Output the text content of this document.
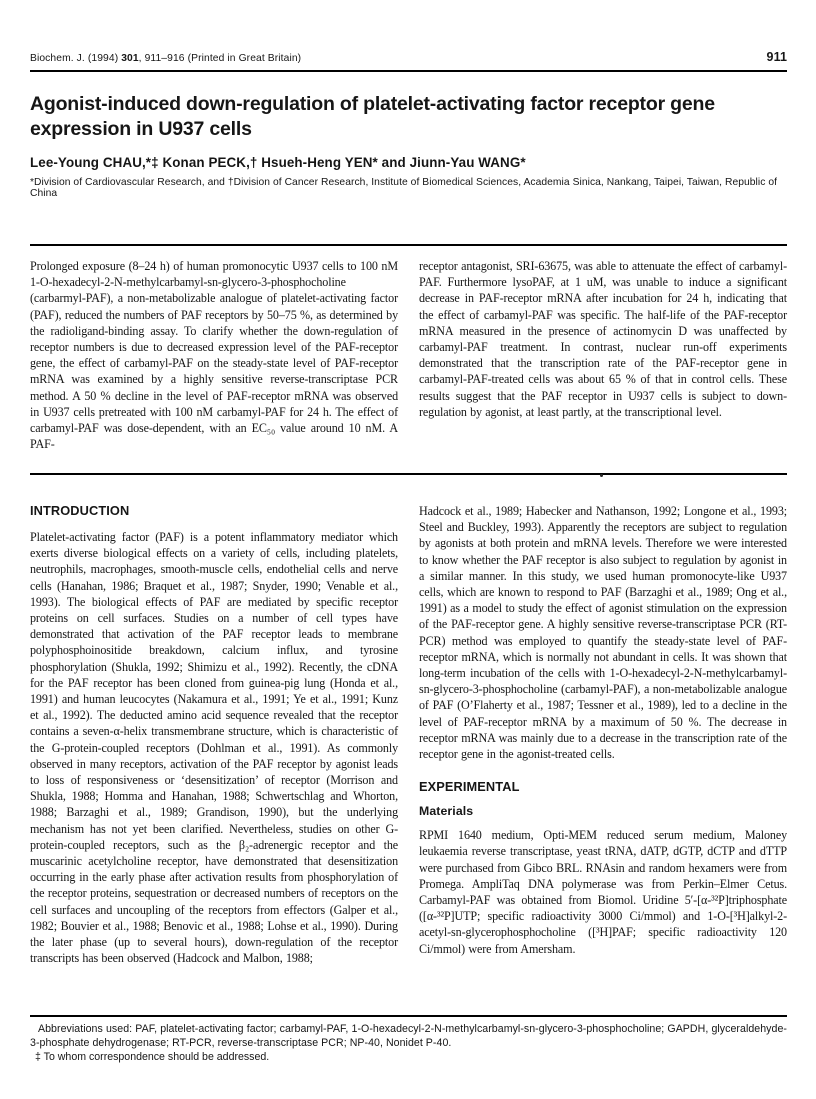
Biochem. J. (1994) 301, 911–916 (Printed in Great Britain)	911
Agonist-induced down-regulation of platelet-activating factor receptor gene expression in U937 cells
Lee-Young CHAU,*‡ Konan PECK,† Hsueh-Heng YEN* and Jiunn-Yau WANG*
*Division of Cardiovascular Research, and †Division of Cancer Research, Institute of Biomedical Sciences, Academia Sinica, Nankang, Taipei, Taiwan, Republic of China

Prolonged exposure (8–24 h) of human promonocytic U937 cells to 100 nM 1-O-hexadecyl-2-N-methylcarbamyl-sn-glycero-3-phosphocholine (carbarmyl-PAF), a non-metabolizable analogue of platelet-activating factor (PAF), reduced the numbers of PAF receptors by 50–75 %, as determined by the radioligand-binding assay. To clarify whether the down-regulation of receptor numbers is due to decreased expression level of the PAF-receptor gene, the effect of carbamyl-PAF on the steady-state level of PAF-receptor mRNA was examined by a highly sensitive reverse-transcriptase PCR method. A 50 % decline in the level of PAF-receptor mRNA was observed in U937 cells pretreated with 100 nM carbamyl-PAF for 24 h. The effect of carbamyl-PAF was dose-dependent, with an EC₅₀ value around 10 nM. A PAF-

receptor antagonist, SRI-63675, was able to attenuate the effect of carbamyl-PAF. Furthermore lysoPAF, at 1 uM, was unable to induce a significant decrease in PAF-receptor mRNA after incubation for 24 h, indicating that the effect of carbamyl-PAF was specific. The half-life of the PAF-receptor mRNA measured in the presence of actinomycin D was unaffected by carbamyl-PAF treatment. In contrast, nuclear run-off experiments demonstrated that the transcription rate of the PAF-receptor gene in carbamyl-PAF-treated cells was about 65 % of that in control cells. These results suggest that the PAF receptor in U937 cells is subject to down-regulation by agonist, at least partly, at the transcriptional level.

INTRODUCTION

Platelet-activating factor (PAF) is a potent inflammatory mediator which exerts diverse biological effects on a variety of cells, including platelets, neutrophils, macrophages, smooth-muscle cells, endothelial cells and nerve cells (Hanahan, 1986; Braquet et al., 1987; Snyder, 1990; Venable et al., 1993). The biological effects of PAF are mediated by specific receptor proteins on cell surfaces. Studies on a number of cell types have demonstrated that activation of the PAF receptor leads to membrane polyphosphoinositide breakdown, calcium influx, and tyrosine phosphorylation (Shukla, 1992; Shimizu et al., 1992). Recently, the cDNA for the PAF receptor has been cloned from guinea-pig lung (Honda et al., 1991) and human leucocytes (Nakamura et al., 1991; Ye et al., 1991; Kunz et al., 1992). The deducted amino acid sequence revealed that the receptor contains a seven-α-helix transmembrane structure, which is characteristic of the G-protein-coupled receptors (Dohlman et al., 1991). As commonly observed in many receptors, activation of the PAF receptor by agonist leads to loss of responsiveness or ‘desensitization’ of receptor (Morrison and Shukla, 1988; Homma and Hanahan, 1988; Schwertschlag and Whorton, 1988; Barzaghi et al., 1989; Grandison, 1990), but the underlying mechanism has not yet been clarified. Nevertheless, studies on other G-protein-coupled receptors, such as the β₂-adrenergic receptor and the muscarinic acetylcholine receptor, have demonstrated that desensitization occurring in the early phase after activation results from phosphorylation of the receptor proteins, sequestration or decreased numbers of receptors on the cell surfaces and uncoupling of the receptors from effectors (Galper et al., 1982; Bouvier et al., 1988; Benovic et al., 1988; Lohse et al., 1990). During the later phase (up to several hours), down-regulation of the receptor transcripts has been observed (Hadcock and Malbon, 1988;

Hadcock et al., 1989; Habecker and Nathanson, 1992; Longone et al., 1993; Steel and Buckley, 1993). Apparently the receptors are subject to regulation by agonists at both protein and mRNA levels. Therefore we were interested to know whether the PAF receptor is also subject to regulation by agonist in a similar manner. In this study, we used human promonocyte-like U937 cells, which are known to respond to PAF (Barzaghi et al., 1989; Ong et al., 1991) as a model to study the effect of agonist stimulation on the expression of the PAF-receptor gene. A highly sensitive reverse-transcriptase PCR (RT-PCR) method was employed to quantify the steady-state level of PAF-receptor mRNA, which is normally not abundant in cells. It was shown that long-term incubation of the cells with 1-O-hexadecyl-2-N-methylcarbamyl-sn-glycero-3-phosphocholine (carbamyl-PAF), a non-metabolizable analogue of PAF (O’Flaherty et al., 1987; Tessner et al., 1989), led to a decline in the level of PAF-receptor mRNA by a maximum of 50 %. The decrease in receptor mRNA was mainly due to a decrease in the transcription rate of the receptor gene in the agonist-treated cells.

EXPERIMENTAL
Materials

RPMI 1640 medium, Opti-MEM reduced serum medium, Maloney leukaemia reverse transcriptase, yeast tRNA, dATP, dGTP, dCTP and dTTP were purchased from Gibco BRL. RNAsin and random hexamers were from Promega. AmpliTaq DNA polymerase was from Perkin–Elmer Cetus. Carbamyl-PAF was obtained from Biomol. Uridine 5′-[α-³²P]triphosphate ([α-³²P]UTP; specific radioactivity 3000 Ci/mmol) and 1-O-[³H]alkyl-2-acetyl-sn-glycerophosphocholine ([³H]PAF; specific radioactivity 120 Ci/mmol) were from Amersham.

Abbreviations used: PAF, platelet-activating factor; carbamyl-PAF, 1-O-hexadecyl-2-N-methylcarbamyl-sn-glycero-3-phosphocholine; GAPDH, glyceraldehyde-3-phosphate dehydrogenase; RT-PCR, reverse-transcriptase PCR; NP-40, Nonidet P-40.

‡ To whom correspondence should be addressed.
